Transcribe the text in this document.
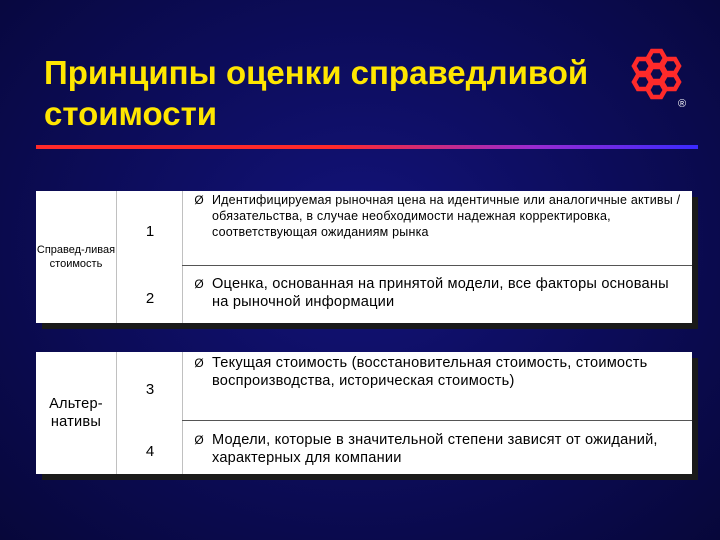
Принципы оценки справедливой
стоимости	®
Справед-ливая стоимость
1
2
Ø Идентифицируемая рыночная цена на идентичные или аналогичные активы / обязательства, в случае необходимости надежная корректировка, соответствующая ожиданиям рынка
Ø Оценка, основанная на принятой модели, все факторы основаны на рыночной информации
Альтер-нативы
3
4
Ø Текущая стоимость (восстановительная стоимость, стоимость воспроизводства, историческая стоимость)
Ø Модели, которые в значительной степени зависят от ожиданий, характерных для компании
